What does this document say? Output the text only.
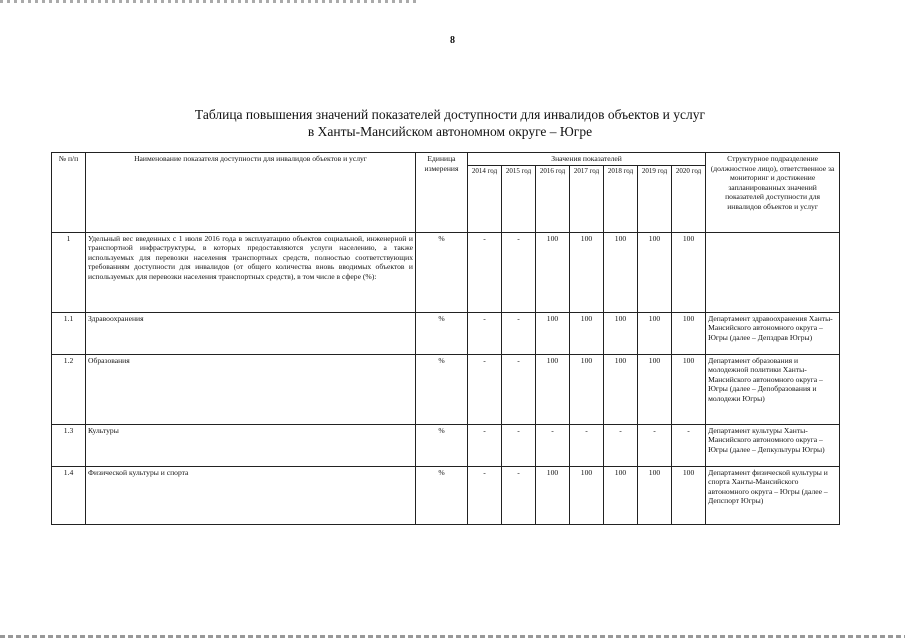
8
Таблица повышения значений показателей доступности для инвалидов объектов и услуг
в Ханты-Мансийском автономном округе – Югре
№ п/п	Наименование показателя доступности для инвалидов объектов и услуг	Единица измерения	Значения показателей							Структурное подразделение (должностное лицо), ответственное за мониторинг и достижение запланированных значений показателей доступности для инвалидов объектов и услуг
			2014 год	2015 год	2016 год	2017 год	2018 год	2019 год	2020 год	
1	Удельный вес введенных с 1 июля 2016 года в эксплуатацию объектов социальной, инженерной и транспортной инфраструктуры, в которых предоставляются услуги населению, а также используемых для перевозки населения транспортных средств, полностью соответствующих требованиям доступности для инвалидов (от общего количества вновь вводимых объектов и используемых для перевозки населения транспортных средств), в том числе в сфере (%):	%	-	-	100	100	100	100	100	
1.1	Здравоохранения	%	-	-	100	100	100	100	100	Департамент здравоохранения Ханты-Мансийского автономного округа – Югры (далее – Депздрав Югры)
1.2	Образования	%	-	-	100	100	100	100	100	Департамент образования и молодежной политики Ханты-Мансийского автономного округа – Югры (далее – Депобразования и молодежи Югры)
1.3	Культуры	%	-	-	-	-	-	-	-	Департамент культуры Ханты-Мансийского автономного округа – Югры (далее – Депкультуры Югры)
1.4	Физической культуры и спорта	%	-	-	100	100	100	100	100	Департамент физической культуры и спорта Ханты-Мансийского автономного округа – Югры (далее – Депспорт Югры)
